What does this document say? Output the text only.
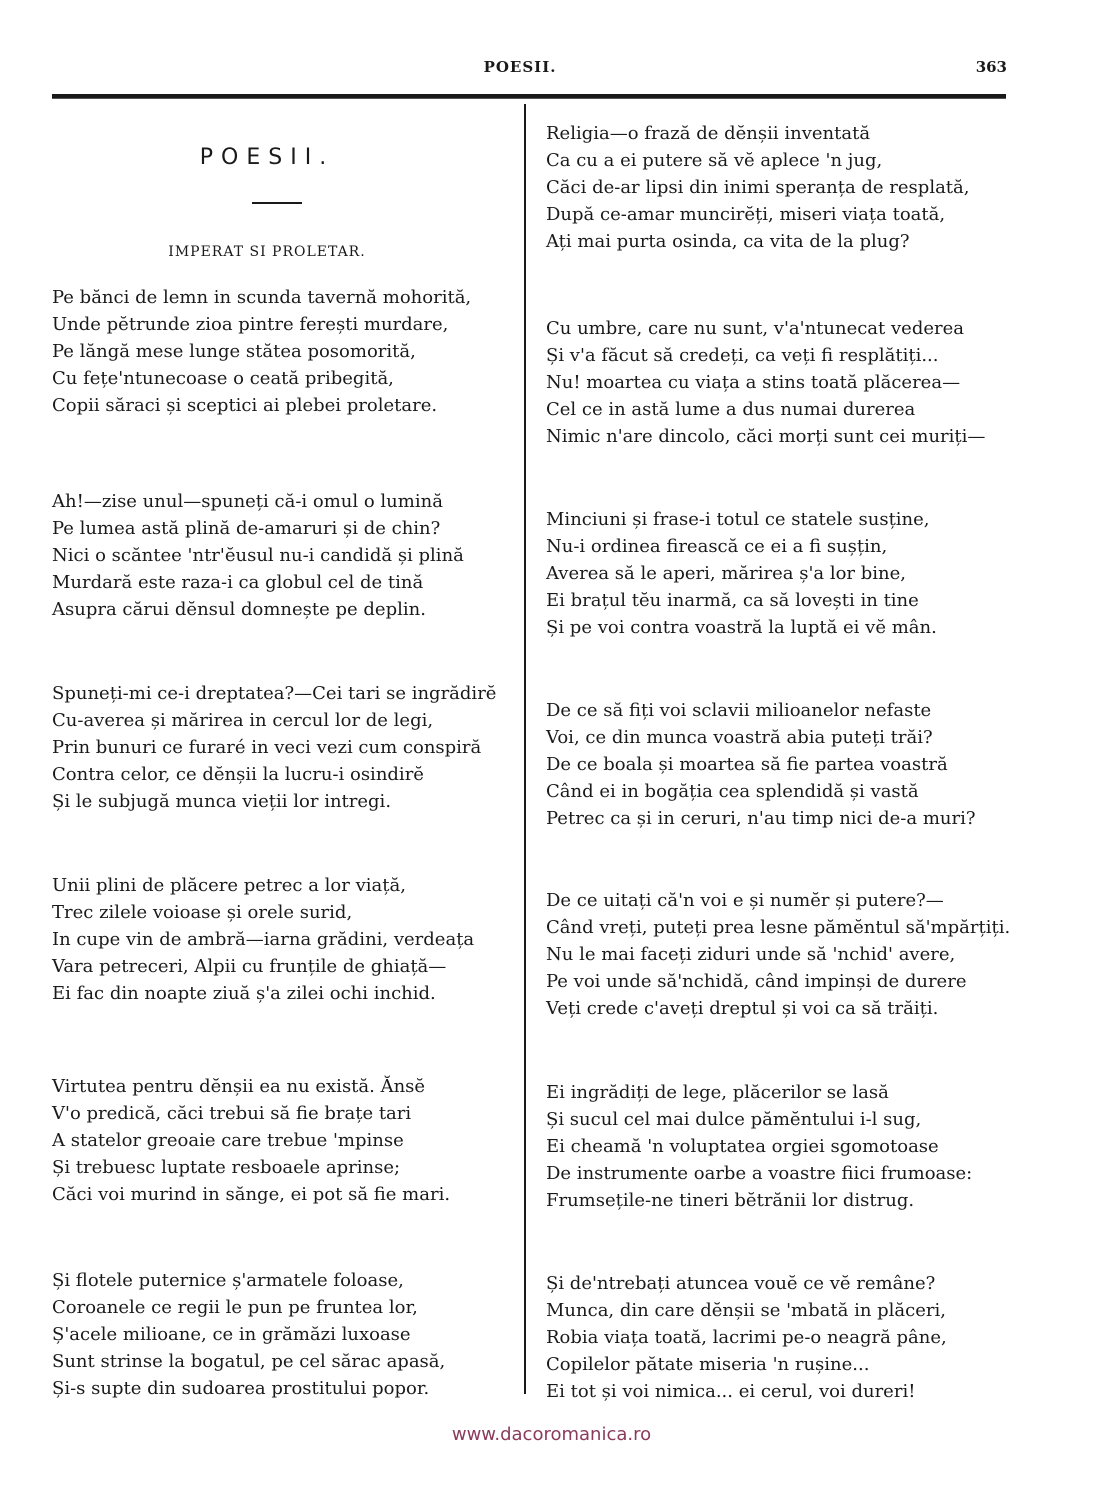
POESII.	363
POESII.
IMPERAT SI PROLETAR.
Pe bănci de lemn in scunda tavernă mohorită,
Unde pĕtrunde zioa pintre ferești murdare,
Pe lăngă mese lunge stătea posomorită,
Cu fețe'ntunecoase o ceată pribegită,
Copii săraci și sceptici ai plebei proletare.
Ah!—zise unul—spuneți că-i omul o lumină
Pe lumea astă plină de-amaruri și de chin?
Nici o scăntee 'ntr'ĕusul nu-i candidă și plină
Murdară este raza-i ca globul cel de tină
Asupra cărui dĕnsul domnește pe deplin.
Spuneți-mi ce-i dreptatea?—Cei tari se ingrădirĕ
Cu-averea și mărirea in cercul lor de legi,
Prin bunuri ce furaré in veci vezi cum conspiră
Contra celor, ce dĕnșii la lucru-i osindirĕ
Și le subjugă munca vieții lor intregi.
Unii plini de plăcere petrec a lor viață,
Trec zilele voioase și orele surid,
In cupe vin de ambră—iarna grădini, verdeața
Vara petreceri, Alpii cu frunțile de ghiață—
Ei fac din noapte ziuă ș'a zilei ochi inchid.
Virtutea pentru dĕnșii ea nu există. Ănsĕ
V'o predică, căci trebui să fie brațe tari
A statelor greoaie care trebue 'mpinse
Și trebuesc luptate resboaele aprinse;
Căci voi murind in sănge, ei pot să fie mari.
Și flotele puternice ș'armatele foloase,
Coroanele ce regii le pun pe fruntea lor,
Ș'acele milioane, ce in grămăzi luxoase
Sunt strinse la bogatul, pe cel sărac apasă,
Și-s supte din sudoarea prostitului popor.
Religia—o frază de dĕnșii inventată
Ca cu a ei putere să vĕ aplece 'n jug,
Căci de-ar lipsi din inimi speranța de resplată,
După ce-amar muncirĕți, miseri viața toată,
Ați mai purta osinda, ca vita de la plug?
Cu umbre, care nu sunt, v'a'ntunecat vederea
Și v'a făcut să credeți, ca veți fi resplătiți...
Nu! moartea cu viața a stins toată plăcerea—
Cel ce in astă lume a dus numai durerea
Nimic n'are dincolo, căci morți sunt cei muriți—
Minciuni și frase-i totul ce statele susține,
Nu-i ordinea firească ce ei a fi sușțin,
Averea să le aperi, mărirea ș'a lor bine,
Ei brațul tĕu inarmă, ca să lovești in tine
Și pe voi contra voastră la luptă ei vĕ mân.
De ce să fiți voi sclavii milioanelor nefaste
Voi, ce din munca voastră abia puteți trăi?
De ce boala și moartea să fie partea voastră
Când ei in bogăția cea splendidă și vastă
Petrec ca și in ceruri, n'au timp nici de-a muri?
De ce uitați că'n voi e și numĕr și putere?—
Când vreți, puteți prea lesne pămĕntul să'mpărțiți.
Nu le mai faceți ziduri unde să 'nchid' avere,
Pe voi unde să'nchidă, când impinși de durere
Veți crede c'aveți dreptul și voi ca să trăiți.
Ei ingrădiți de lege, plăcerilor se lasă
Și sucul cel mai dulce pămĕntului i-l sug,
Ei cheamă 'n voluptatea orgiei sgomotoase
De instrumente oarbe a voastre fiici frumoase:
Frumsețile-ne tineri bĕtrănii lor distrug.
Și de'ntrebați atuncea vouĕ ce vĕ remâne?
Munca, din care dĕnșii se 'mbată in plăceri,
Robia viața toată, lacrimi pe-o neagră pâne,
Copilelor pătate miseria 'n rușine...
Ei tot și voi nimica... ei cerul, voi dureri!
www.dacoromanica.ro
